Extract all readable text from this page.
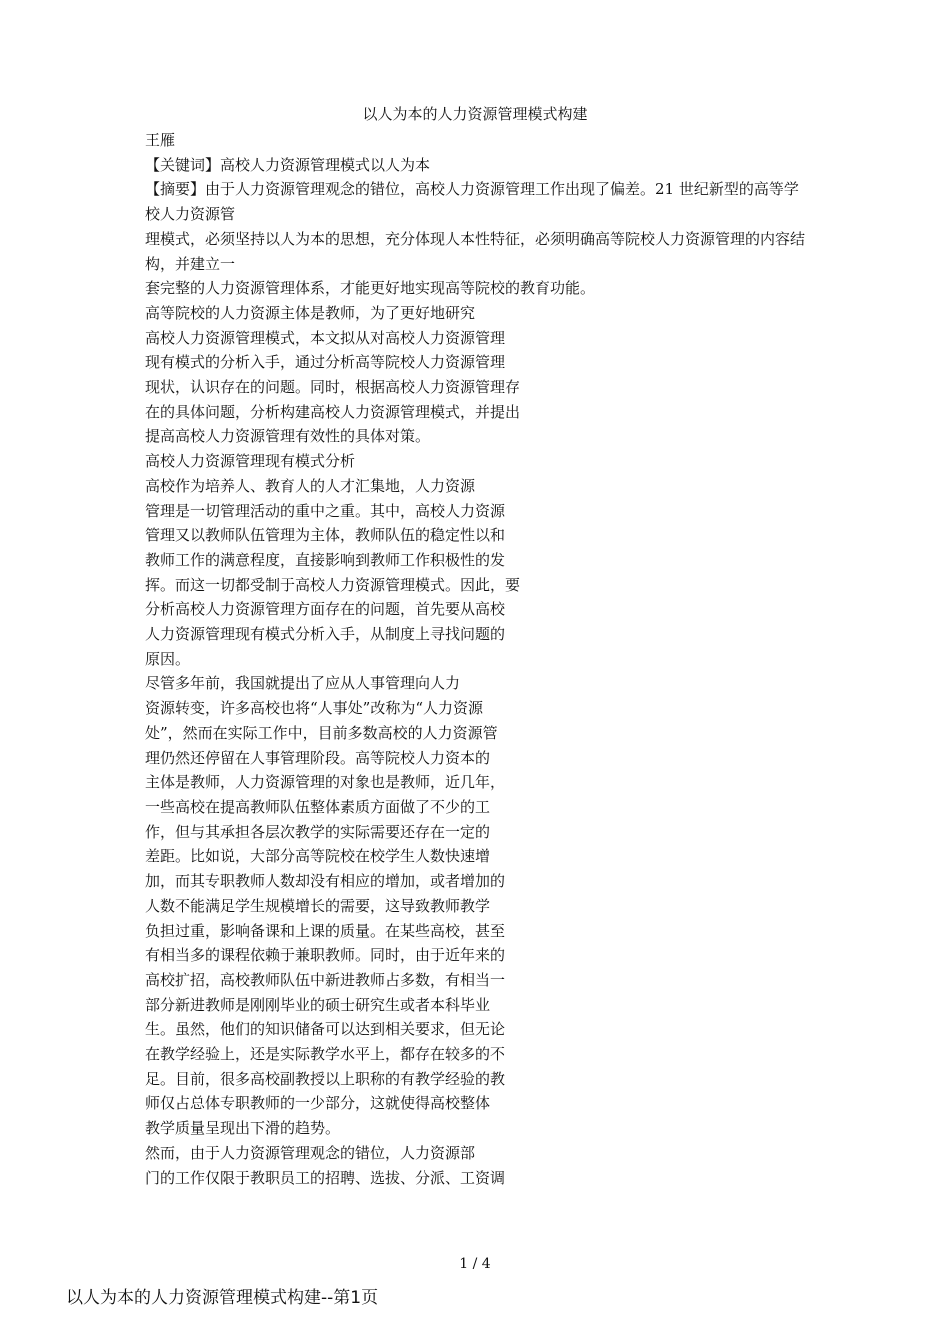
以人为本的人力资源管理模式构建

王雁

【关键词】高校人力资源管理模式以人为本

【摘要】由于人力资源管理观念的错位，高校人力资源管理工作出现了偏差。21 世纪新型的高等学校人力资源管

理模式，必须坚持以人为本的思想，充分体现人本性特征，必须明确高等院校人力资源管理的内容结构，并建立一

套完整的人力资源管理体系，才能更好地实现高等院校的教育功能。

高等院校的人力资源主体是教师，为了更好地研究

高校人力资源管理模式，本文拟从对高校人力资源管理

现有模式的分析入手，通过分析高等院校人力资源管理

现状，认识存在的问题。同时，根据高校人力资源管理存

在的具体问题，分析构建高校人力资源管理模式，并提出

提高高校人力资源管理有效性的具体对策。

高校人力资源管理现有模式分析

高校作为培养人、教育人的人才汇集地，人力资源

管理是一切管理活动的重中之重。其中，高校人力资源

管理又以教师队伍管理为主体，教师队伍的稳定性以和

教师工作的满意程度，直接影响到教师工作积极性的发

挥。而这一切都受制于高校人力资源管理模式。因此，要

分析高校人力资源管理方面存在的问题，首先要从高校

人力资源管理现有模式分析入手，从制度上寻找问题的

原因。

尽管多年前，我国就提出了应从人事管理向人力

资源转变，许多高校也将“人事处”改称为“人力资源

处”，然而在实际工作中，目前多数高校的人力资源管

理仍然还停留在人事管理阶段。高等院校人力资本的

主体是教师，人力资源管理的对象也是教师，近几年，

一些高校在提高教师队伍整体素质方面做了不少的工

作，但与其承担各层次教学的实际需要还存在一定的

差距。比如说，大部分高等院校在校学生人数快速增

加，而其专职教师人数却没有相应的增加，或者增加的

人数不能满足学生规模增长的需要，这导致教师教学

负担过重，影响备课和上课的质量。在某些高校，甚至

有相当多的课程依赖于兼职教师。同时，由于近年来的

高校扩招，高校教师队伍中新进教师占多数，有相当一

部分新进教师是刚刚毕业的硕士研究生或者本科毕业

生。虽然，他们的知识储备可以达到相关要求，但无论

在教学经验上，还是实际教学水平上，都存在较多的不

足。目前，很多高校副教授以上职称的有教学经验的教

师仅占总体专职教师的一少部分，这就使得高校整体

教学质量呈现出下滑的趋势。

然而，由于人力资源管理观念的错位，人力资源部

门的工作仅限于教职员工的招聘、选拔、分派、工资调

1 / 4
以人为本的人力资源管理模式构建--第1页
